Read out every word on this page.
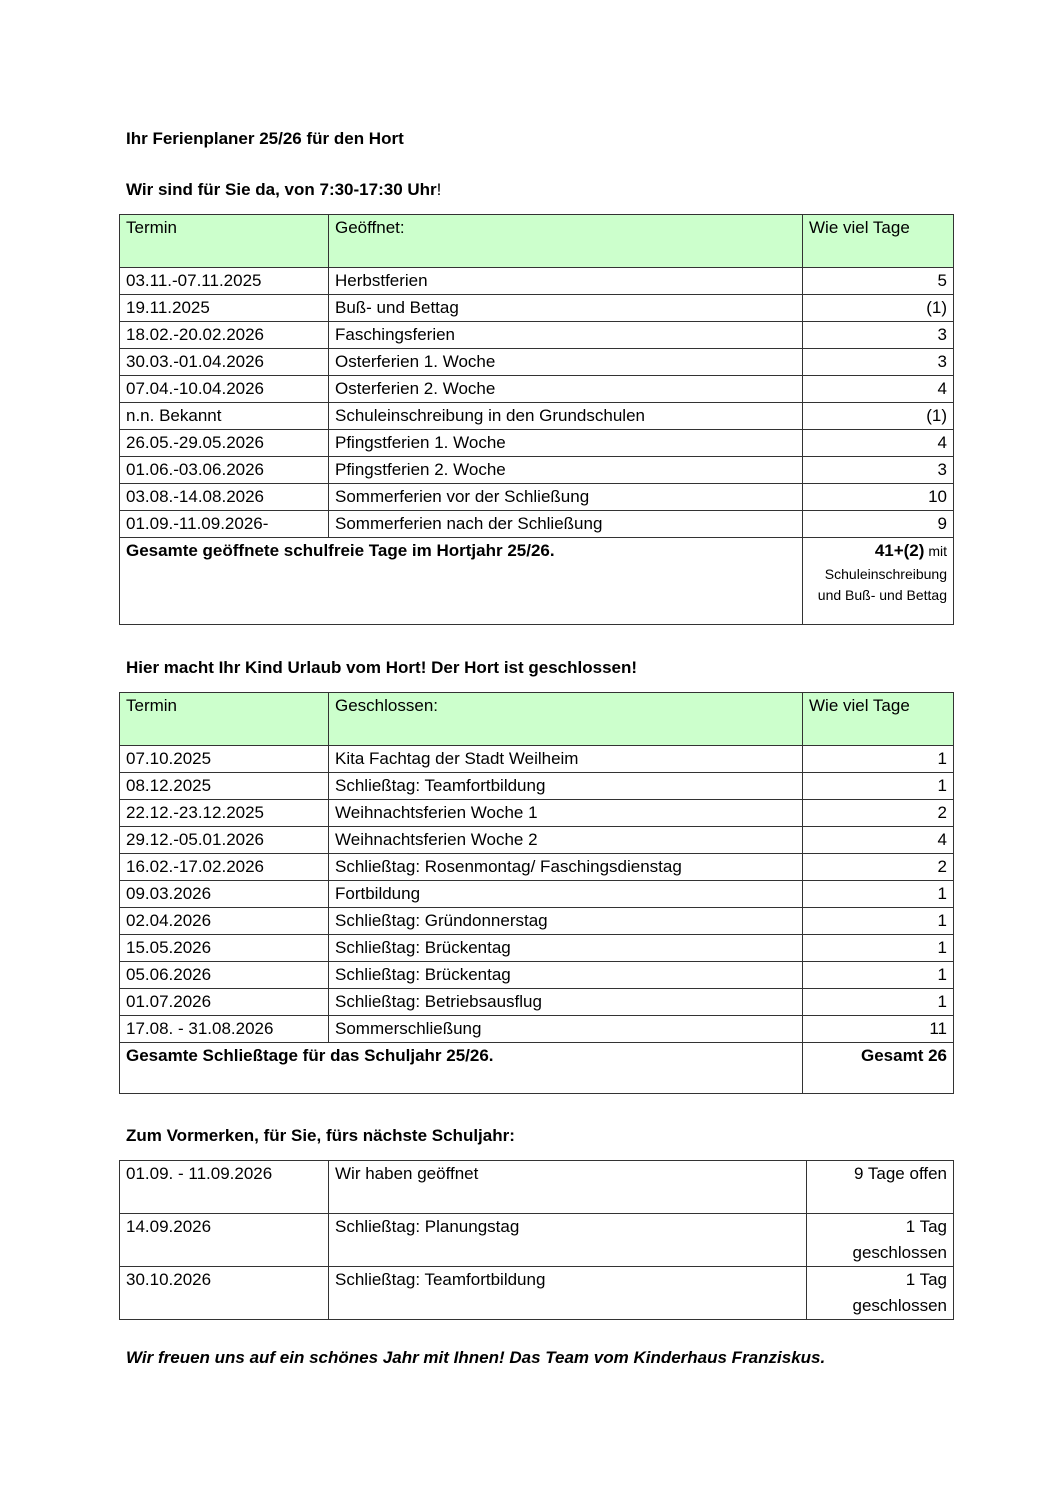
Ihr Ferienplaner 25/26 für den Hort
Wir sind für Sie da, von 7:30-17:30 Uhr!
Termin	Geöffnet:	Wie viel Tage
03.11.-07.11.2025	Herbstferien	5
19.11.2025	Buß- und Bettag	(1)
18.02.-20.02.2026	Faschingsferien	3
30.03.-01.04.2026	Osterferien 1. Woche	3
07.04.-10.04.2026	Osterferien 2. Woche	4
n.n. Bekannt	Schuleinschreibung in den Grundschulen	(1)
26.05.-29.05.2026	Pfingstferien 1. Woche	4
01.06.-03.06.2026	Pfingstferien 2. Woche	3
03.08.-14.08.2026	Sommerferien vor der Schließung	10
01.09.-11.09.2026-	Sommerferien nach der Schließung	9
Gesamte geöffnete schulfreie Tage im Hortjahr 25/26.		41+(2) mit
Schuleinschreibung und Buß- und Bettag
Hier macht Ihr Kind Urlaub vom Hort! Der Hort ist geschlossen!
Termin	Geschlossen:	Wie viel Tage
07.10.2025	Kita Fachtag der Stadt Weilheim	1
08.12.2025	Schließtag: Teamfortbildung	1
22.12.-23.12.2025	Weihnachtsferien Woche 1	2
29.12.-05.01.2026	Weihnachtsferien Woche 2	4
16.02.-17.02.2026	Schließtag: Rosenmontag/ Faschingsdienstag	2
09.03.2026	Fortbildung	1
02.04.2026	Schließtag: Gründonnerstag	1
15.05.2026	Schließtag: Brückentag	1
05.06.2026	Schließtag: Brückentag	1
01.07.2026	Schließtag: Betriebsausflug	1
17.08. - 31.08.2026	Sommerschließung	11
Gesamte Schließtage für das Schuljahr 25/26.		Gesamt 26
Zum Vormerken, für Sie, fürs nächste Schuljahr:
01.09. - 11.09.2026	Wir haben geöffnet	9 Tage offen
14.09.2026	Schließtag: Planungstag	1 Tag geschlossen
30.10.2026	Schließtag: Teamfortbildung	1 Tag geschlossen

Wir freuen uns auf ein schönes Jahr mit Ihnen! Das Team vom Kinderhaus Franziskus.
